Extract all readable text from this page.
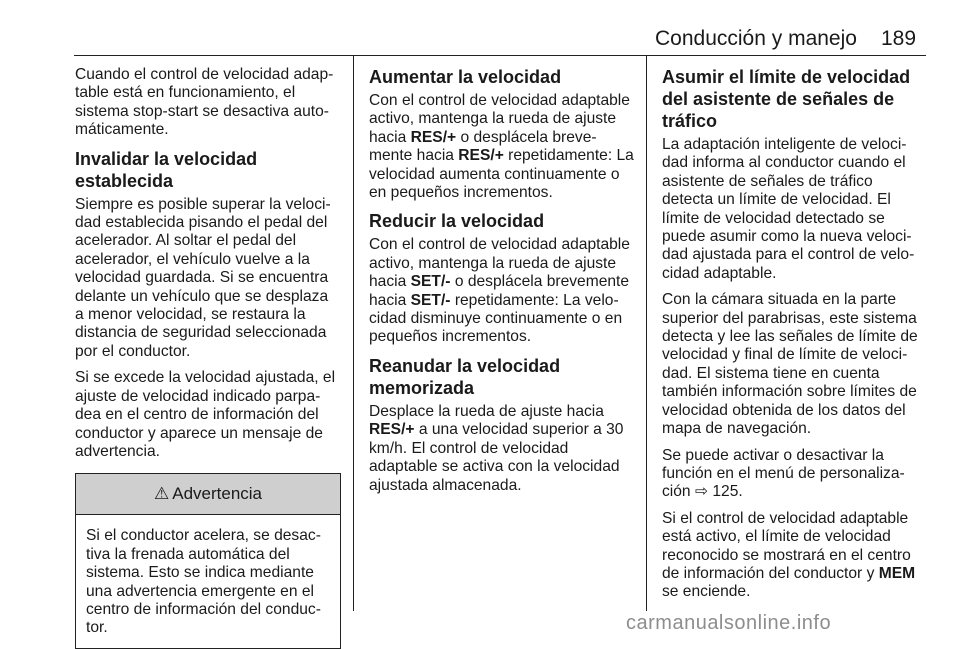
Conducción y manejo 189

Cuando el control de velocidad adap-table está en funcionamiento, el sistema stop-start se desactiva auto-máticamente.

Invalidar la velocidad establecida

Siempre es posible superar la veloci-dad establecida pisando el pedal del acelerador. Al soltar el pedal del acelerador, el vehículo vuelve a la velocidad guardada. Si se encuentra delante un vehículo que se desplaza a menor velocidad, se restaura la distancia de seguridad seleccionada por el conductor.

Si se excede la velocidad ajustada, el ajuste de velocidad indicado parpa-dea en el centro de información del conductor y aparece un mensaje de advertencia.

⚠ Advertencia
Si el conductor acelera, se desac-tiva la frenada automática del sistema. Esto se indica mediante una advertencia emergente en el centro de información del conduc-tor.
Aumentar la velocidad

Con el control de velocidad adaptable activo, mantenga la rueda de ajuste hacia RES/+ o desplácela breve-mente hacia RES/+ repetidamente: La velocidad aumenta continuamente o en pequeños incrementos.

Reducir la velocidad

Con el control de velocidad adaptable activo, mantenga la rueda de ajuste hacia SET/- o desplácela brevemente hacia SET/- repetidamente: La velo-cidad disminuye continuamente o en pequeños incrementos.

Reanudar la velocidad memorizada

Desplace la rueda de ajuste hacia RES/+ a una velocidad superior a 30 km/h. El control de velocidad adaptable se activa con la velocidad ajustada almacenada.

Asumir el límite de velocidad del asistente de señales de tráfico

La adaptación inteligente de veloci-dad informa al conductor cuando el asistente de señales de tráfico detecta un límite de velocidad. El límite de velocidad detectado se puede asumir como la nueva veloci-dad ajustada para el control de velo-cidad adaptable.

Con la cámara situada en la parte superior del parabrisas, este sistema detecta y lee las señales de límite de velocidad y final de límite de veloci-dad. El sistema tiene en cuenta también información sobre límites de velocidad obtenida de los datos del mapa de navegación.

Se puede activar o desactivar la función en el menú de personaliza-ción ⇨ 125.

Si el control de velocidad adaptable está activo, el límite de velocidad reconocido se mostrará en el centro de información del conductor y MEM se enciende.

carmanualsonline.info
